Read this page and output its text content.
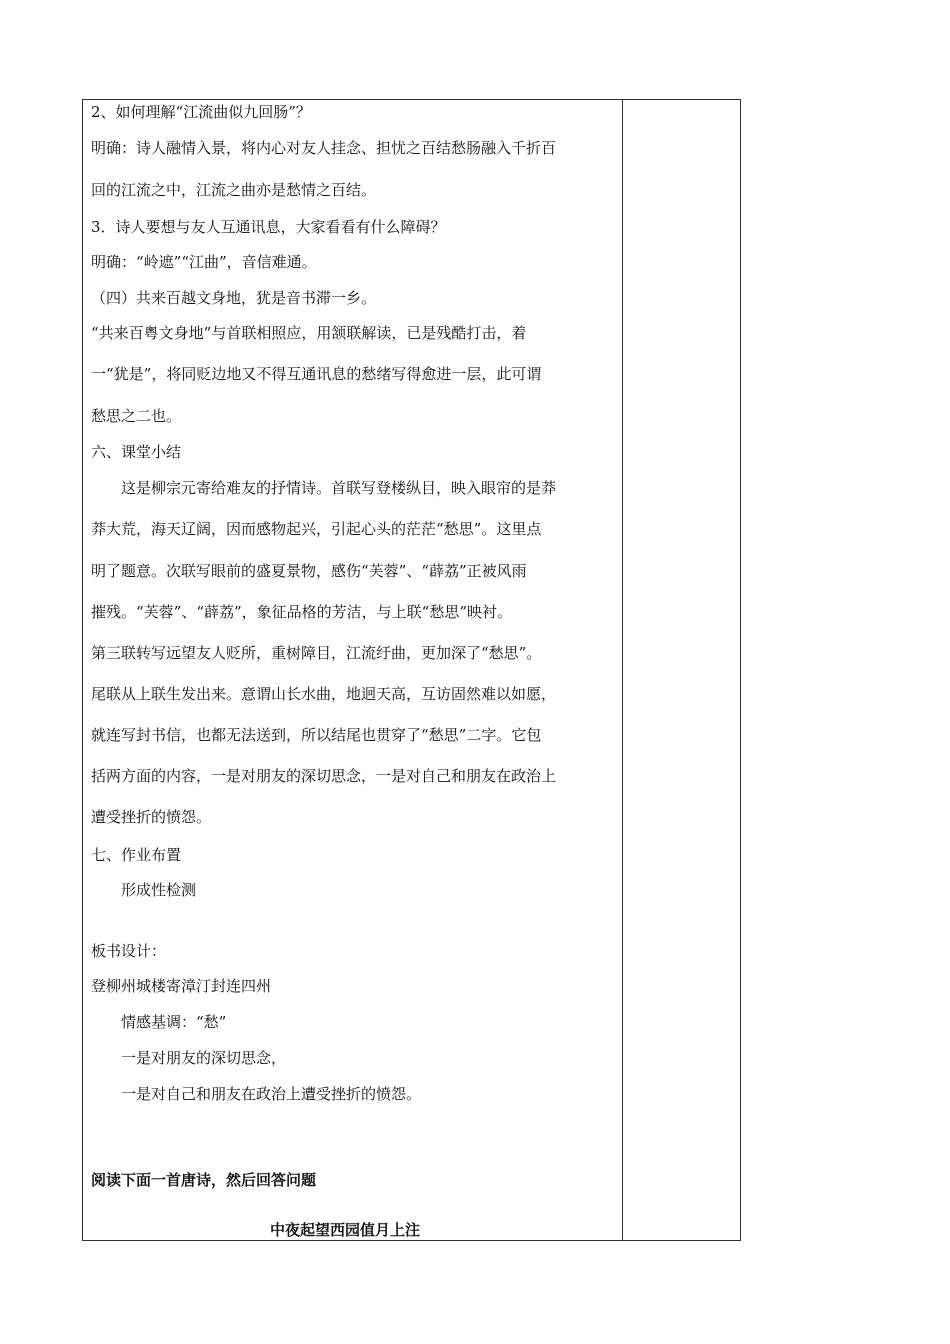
2、如何理解“江流曲似九回肠”？
明确：诗人融情入景，将内心对友人挂念、担忧之百结愁肠融入千折百
回的江流之中，江流之曲亦是愁情之百结。
3．诗人要想与友人互通讯息，大家看看有什么障碍？
明确：“岭遮”“江曲”，音信难通。
（四）共来百越文身地，犹是音书滞一乡。
“共来百粤文身地”与首联相照应，用颔联解读，已是残酷打击，着
一“犹是”，将同贬边地又不得互通讯息的愁绪写得愈进一层，此可谓
愁思之二也。
六、课堂小结
这是柳宗元寄给难友的抒情诗。首联写登楼纵目，映入眼帘的是莽
莽大荒，海天辽阔，因而感物起兴，引起心头的茫茫“愁思”。这里点
明了题意。次联写眼前的盛夏景物，感伤“芙蓉”、“薜荔”正被风雨
摧残。“芙蓉”、“薜荔”，象征品格的芳洁，与上联“愁思”映衬。
第三联转写远望友人贬所，重树障目，江流纡曲，更加深了“愁思”。
尾联从上联生发出来。意谓山长水曲，地迥天高，互访固然难以如愿，
就连写封书信，也都无法送到，所以结尾也贯穿了“愁思”二字。它包
括两方面的内容，一是对朋友的深切思念，一是对自己和朋友在政治上
遭受挫折的愤怨。
七、作业布置
形成性检测
板书设计：
登柳州城楼寄漳汀封连四州
情感基调：“愁”
一是对朋友的深切思念，
一是对自己和朋友在政治上遭受挫折的愤怨。
阅读下面一首唐诗，然后回答问题
中夜起望西园值月上注
